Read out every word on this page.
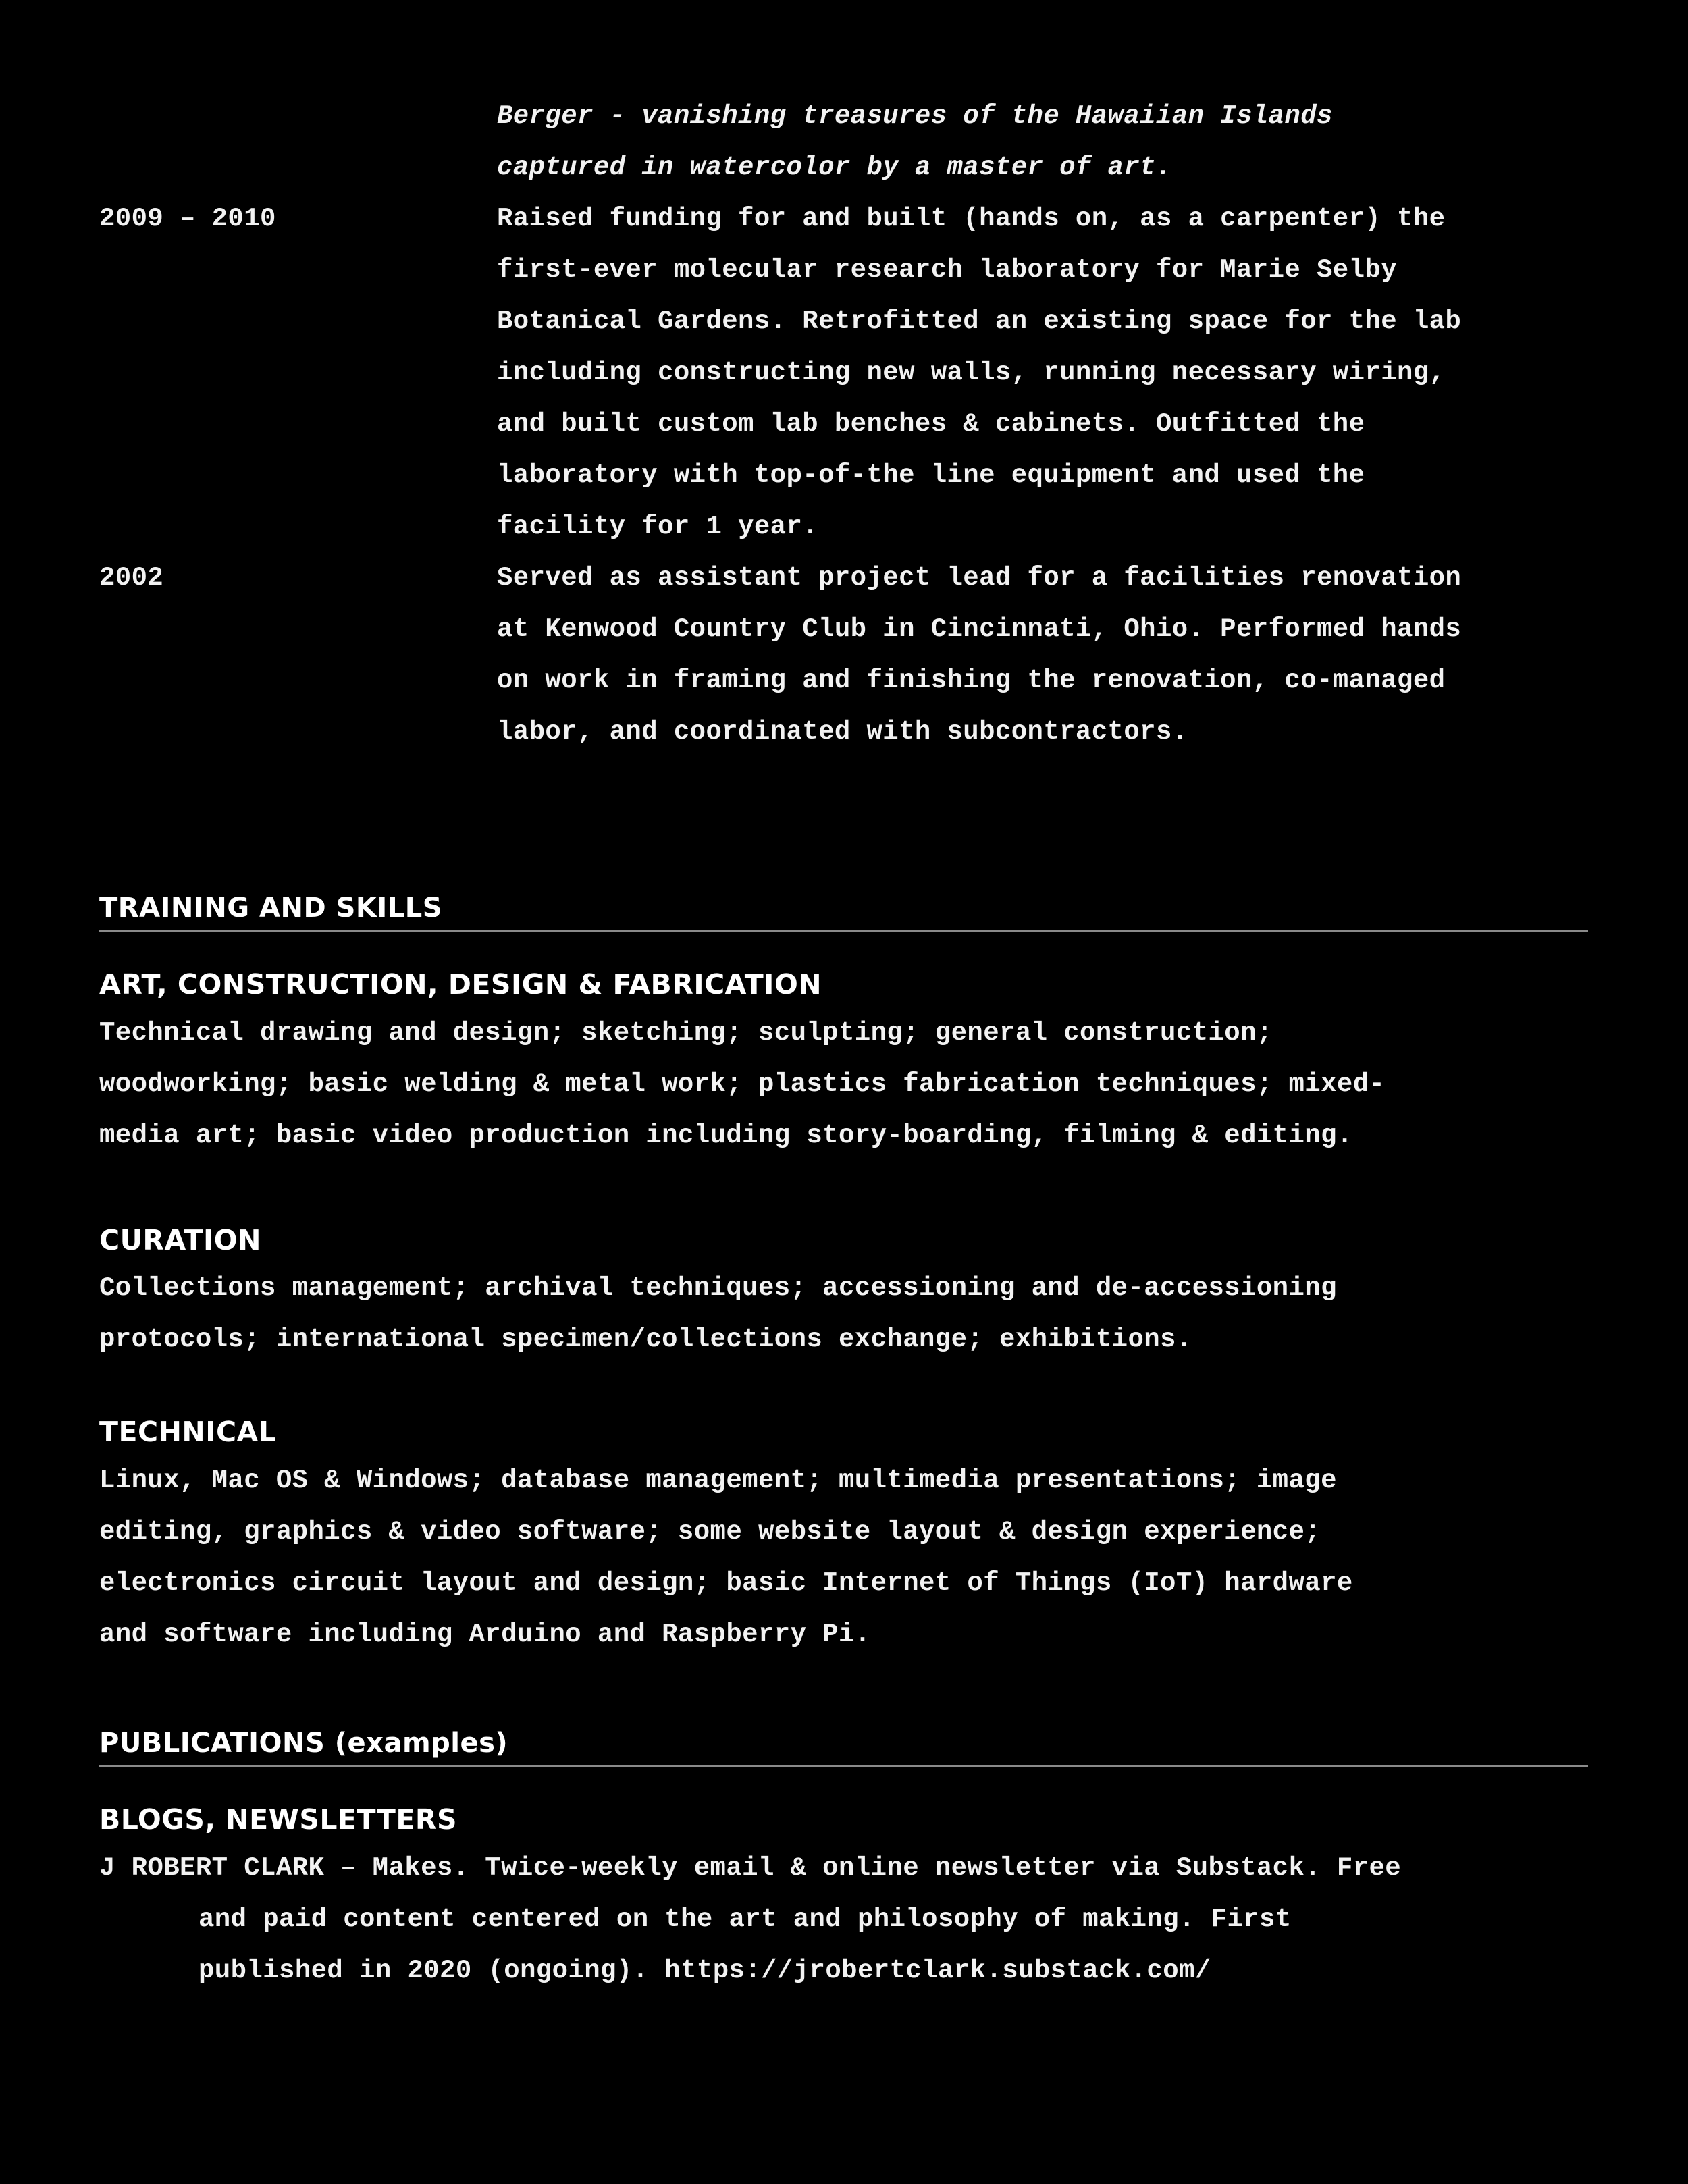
Berger - vanishing treasures of the Hawaiian Islands
captured in watercolor by a master of art.
2009 – 2010	Raised funding for and built (hands on, as a carpenter) the
first-ever molecular research laboratory for Marie Selby
Botanical Gardens. Retrofitted an existing space for the lab
including constructing new walls, running necessary wiring,
and built custom lab benches & cabinets. Outfitted the
laboratory with top-of-the line equipment and used the
facility for 1 year.
2002	Served as assistant project lead for a facilities renovation
at Kenwood Country Club in Cincinnati, Ohio. Performed hands
on work in framing and finishing the renovation, co-managed
labor, and coordinated with subcontractors.
TRAINING AND SKILLS
ART, CONSTRUCTION, DESIGN & FABRICATION
Technical drawing and design; sketching; sculpting; general construction;
woodworking; basic welding & metal work; plastics fabrication techniques; mixed-
media art; basic video production including story-boarding, filming & editing.
CURATION
Collections management; archival techniques; accessioning and de-accessioning
protocols; international specimen/collections exchange; exhibitions.
TECHNICAL
Linux, Mac OS & Windows; database management; multimedia presentations; image
editing, graphics & video software; some website layout & design experience;
electronics circuit layout and design; basic Internet of Things (IoT) hardware
and software including Arduino and Raspberry Pi.
PUBLICATIONS (examples)
BLOGS, NEWSLETTERS
J ROBERT CLARK – Makes. Twice-weekly email & online newsletter via Substack. Free
and paid content centered on the art and philosophy of making. First
published in 2020 (ongoing). https://jrobertclark.substack.com/
